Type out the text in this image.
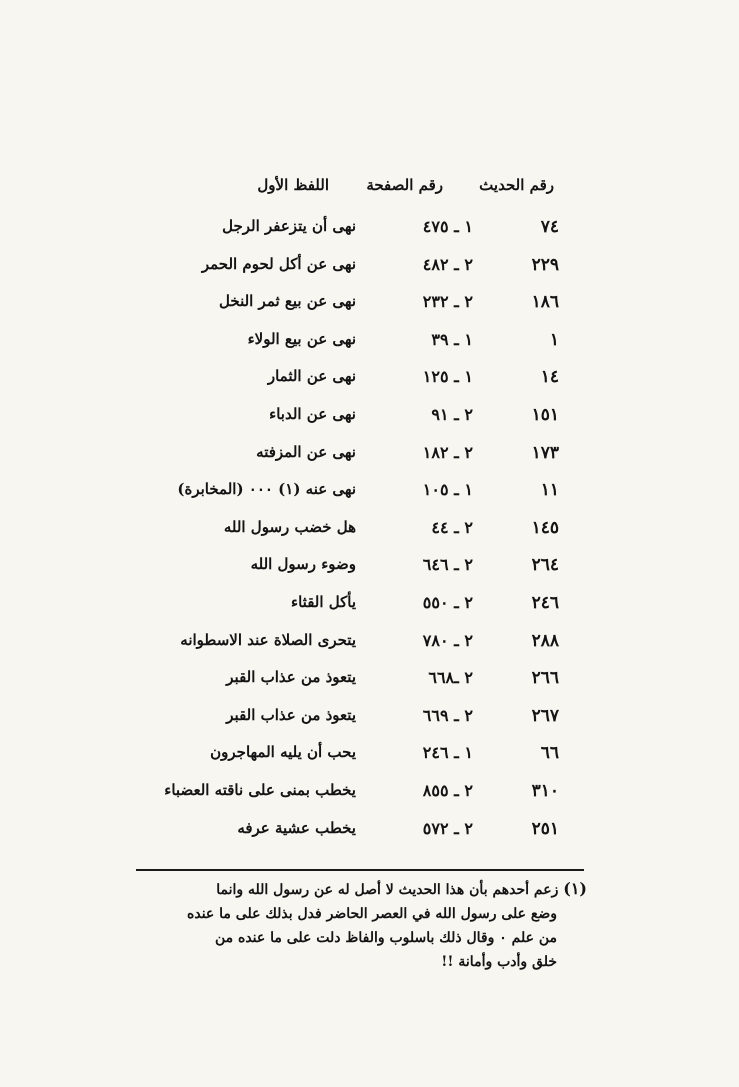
رقم الحديث
رقم الصفحة
اللفظ الأول
٧٤
١ ـ ٤٧٥
نهى أن يتزعفر الرجل
٢٢٩
٢ ـ ٤٨٢
نهى عن أكل لحوم الحمر
١٨٦
٢ ـ ٢٣٢
نهى عن بيع ثمر النخل
١
١ ـ ٣٩
نهى عن بيع الولاء
١٤
١ ـ ١٢٥
نهى عن الثمار
١٥١
٢ ـ ٩١
نهى عن الدباء
١٧٣
٢ ـ ١٨٢
نهى عن المزفته
١١
١ ـ ١٠٥
نهى عنه (١) ٠٠٠ (المخابرة)
١٤٥
٢ ـ ٤٤
هل خضب رسول الله
٢٦٤
٢ ـ ٦٤٦
وضوء رسول الله
٢٤٦
٢ ـ ٥٥٠
يأكل القثاء
٢٨٨
٢ ـ ٧٨٠
يتحرى الصلاة عند الاسطوانه
٢٦٦
٢ ـ٦٦٨
يتعوذ من عذاب القبر
٢٦٧
٢ ـ ٦٦٩
يتعوذ من عذاب القبر
٦٦
١ ـ ٢٤٦
يحب أن يليه المهاجرون
٣١٠
٢ ـ ٨٥٥
يخطب بمنى على ناقته العضباء
٢٥١
٢ ـ ٥٧٢
يخطب عشية عرفه
(١) زعم أحدهم بأن هذا الحديث لا أصل له عن رسول الله وانما
وضع على رسول الله في العصر الحاضر فدل بذلك على ما عنده
من علم ٠ وقال ذلك باسلوب والفاظ دلت على ما عنده من
خلق وأدب وأمانة !!
